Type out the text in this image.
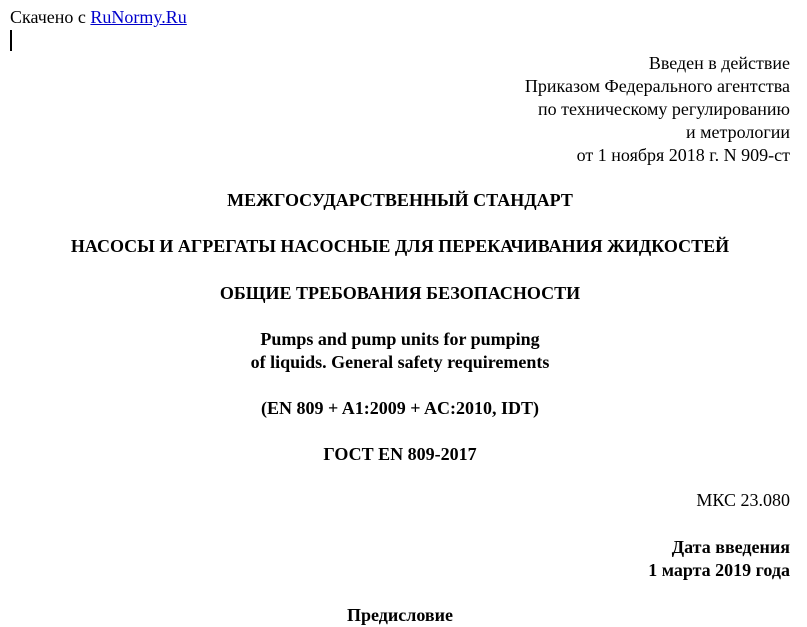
Скачено с RuNormy.Ru
Введен в действие
Приказом Федерального агентства
по техническому регулированию
и метрологии
от 1 ноября 2018 г. N 909-ст
МЕЖГОСУДАРСТВЕННЫЙ СТАНДАРТ
НАСОСЫ И АГРЕГАТЫ НАСОСНЫЕ ДЛЯ ПЕРЕКАЧИВАНИЯ ЖИДКОСТЕЙ
ОБЩИЕ ТРЕБОВАНИЯ БЕЗОПАСНОСТИ
Pumps and pump units for pumping
of liquids. General safety requirements
(EN 809 + A1:2009 + AC:2010, IDT)
ГОСТ EN 809-2017
МКС 23.080
Дата введения
1 марта 2019 года
Предисловие
